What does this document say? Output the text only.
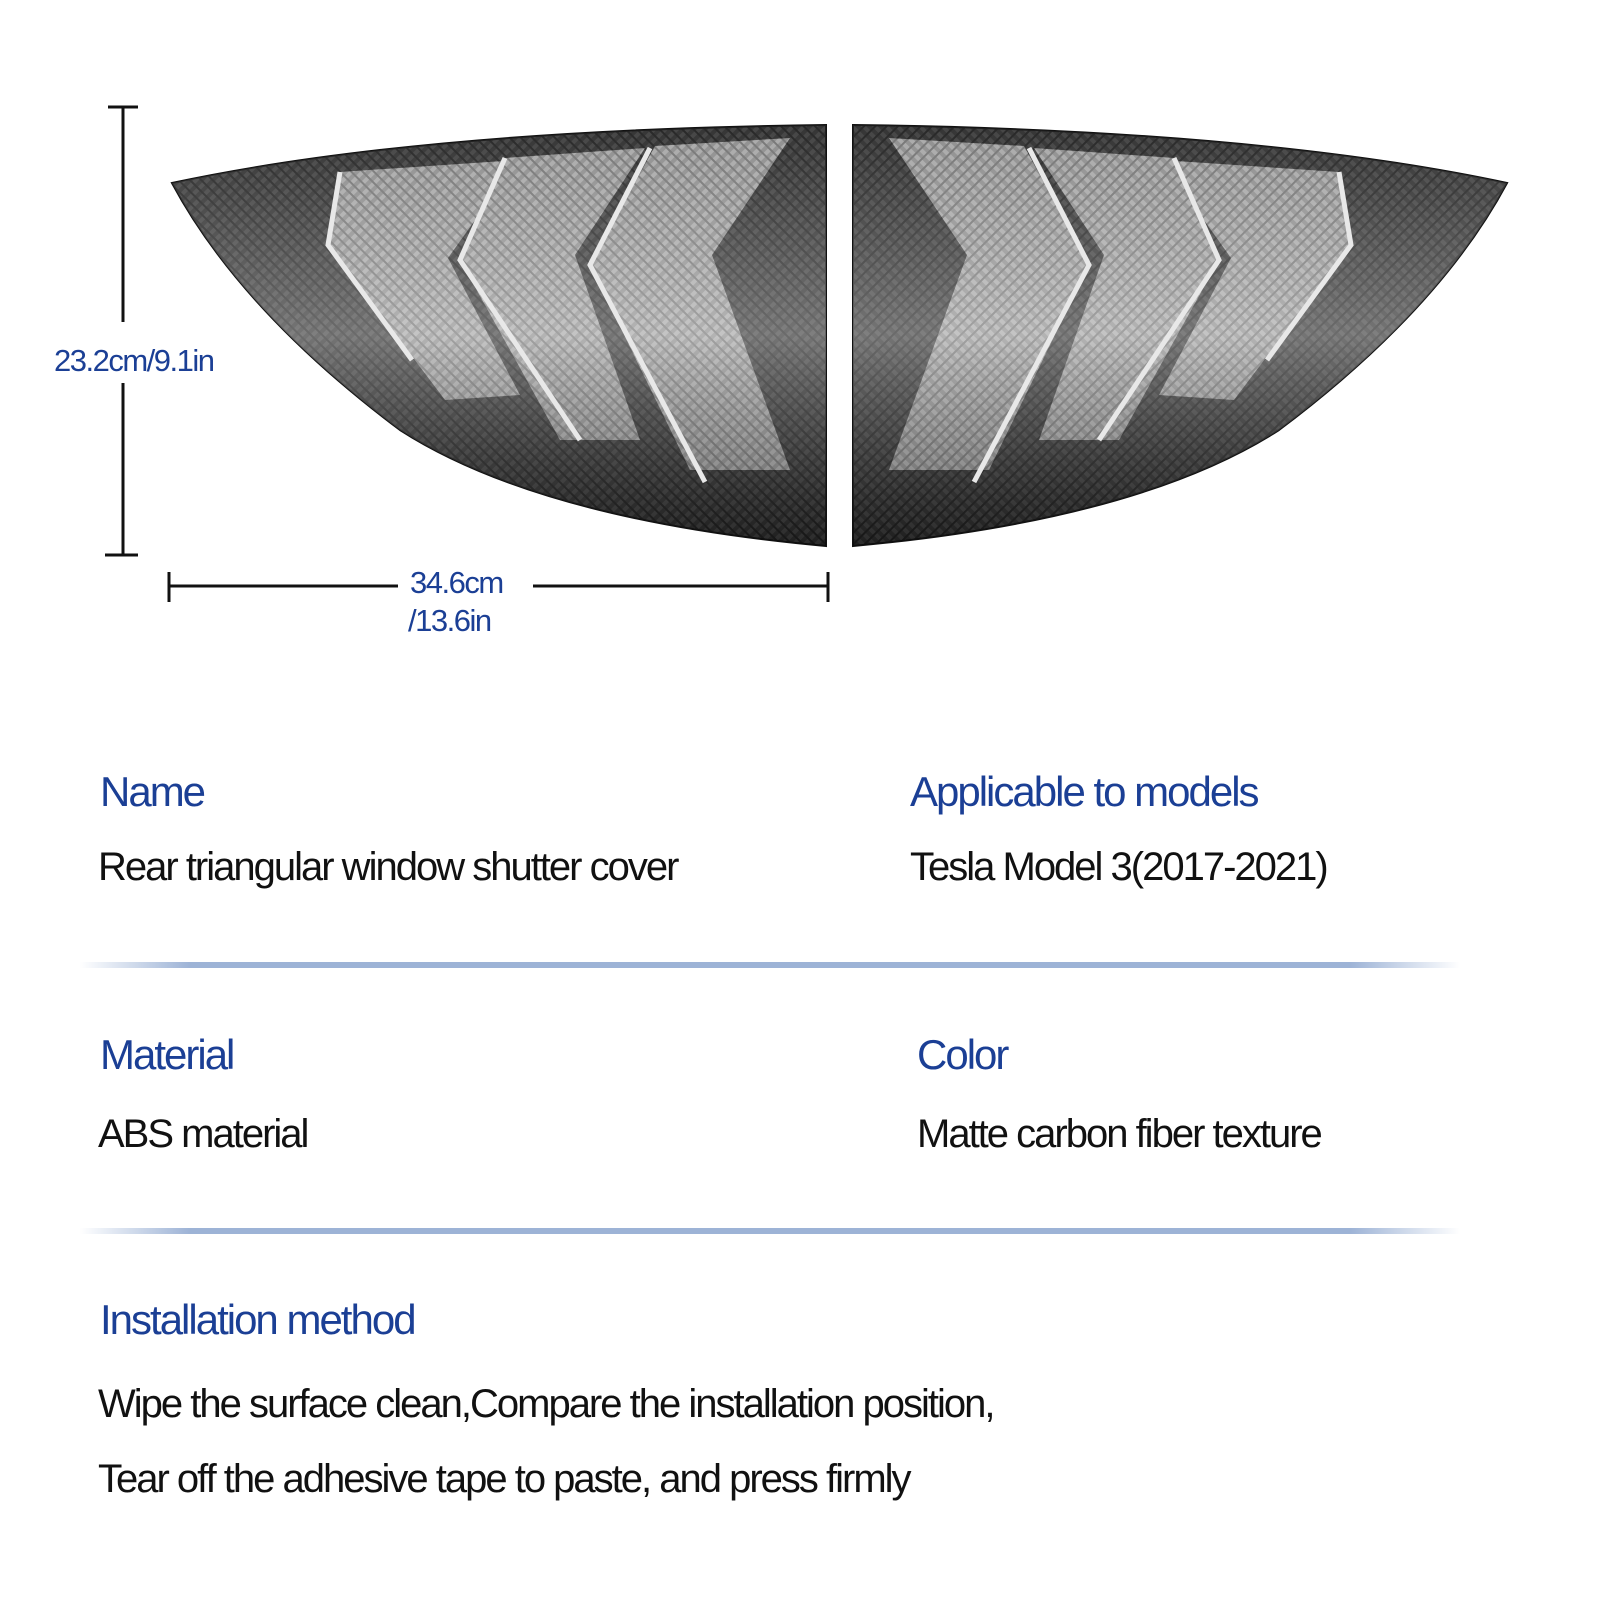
23.2cm/9.1in
34.6cm
/13.6in
Name
Rear triangular window shutter cover
Applicable to models
Tesla Model 3(2017-2021)
Material
ABS material
Color
Matte carbon fiber texture
Installation method
Wipe the surface clean,Compare the installation position,
Tear off the adhesive tape to paste, and press firmly
